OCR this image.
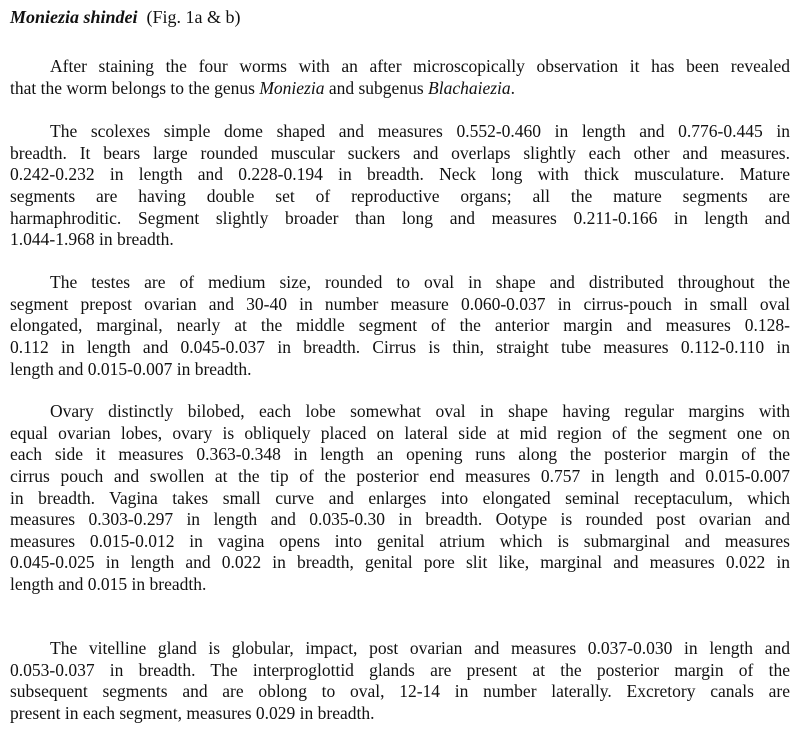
Moniezia shindei (Fig. 1a & b)
After staining the four worms with an after microscopically observation it has been revealed
that the worm belongs to the genus Moniezia and subgenus Blachaiezia.
The scolexes simple dome shaped and measures 0.552-0.460 in length and 0.776-0.445 in
breadth. It bears large rounded muscular suckers and overlaps slightly each other and measures.
0.242-0.232 in length and 0.228-0.194 in breadth. Neck long with thick musculature. Mature
segments are having double set of reproductive organs; all the mature segments are
harmaphroditic. Segment slightly broader than long and measures 0.211-0.166 in length and
1.044-1.968 in breadth.
The testes are of medium size, rounded to oval in shape and distributed throughout the
segment prepost ovarian and 30-40 in number measure 0.060-0.037 in cirrus-pouch in small oval
elongated, marginal, nearly at the middle segment of the anterior margin and measures 0.128-
0.112 in length and 0.045-0.037 in breadth. Cirrus is thin, straight tube measures 0.112-0.110 in
length and 0.015-0.007 in breadth.
Ovary distinctly bilobed, each lobe somewhat oval in shape having regular margins with
equal ovarian lobes, ovary is obliquely placed on lateral side at mid region of the segment one on
each side it measures 0.363-0.348 in length an opening runs along the posterior margin of the
cirrus pouch and swollen at the tip of the posterior end measures 0.757 in length and 0.015-0.007
in breadth. Vagina takes small curve and enlarges into elongated seminal receptaculum, which
measures 0.303-0.297 in length and 0.035-0.30 in breadth. Ootype is rounded post ovarian and
measures 0.015-0.012 in vagina opens into genital atrium which is submarginal and measures
0.045-0.025 in length and 0.022 in breadth, genital pore slit like, marginal and measures 0.022 in
length and 0.015 in breadth.
The vitelline gland is globular, impact, post ovarian and measures 0.037-0.030 in length and
0.053-0.037 in breadth. The interproglottid glands are present at the posterior margin of the
subsequent segments and are oblong to oval, 12-14 in number laterally. Excretory canals are
present in each segment, measures 0.029 in breadth.
